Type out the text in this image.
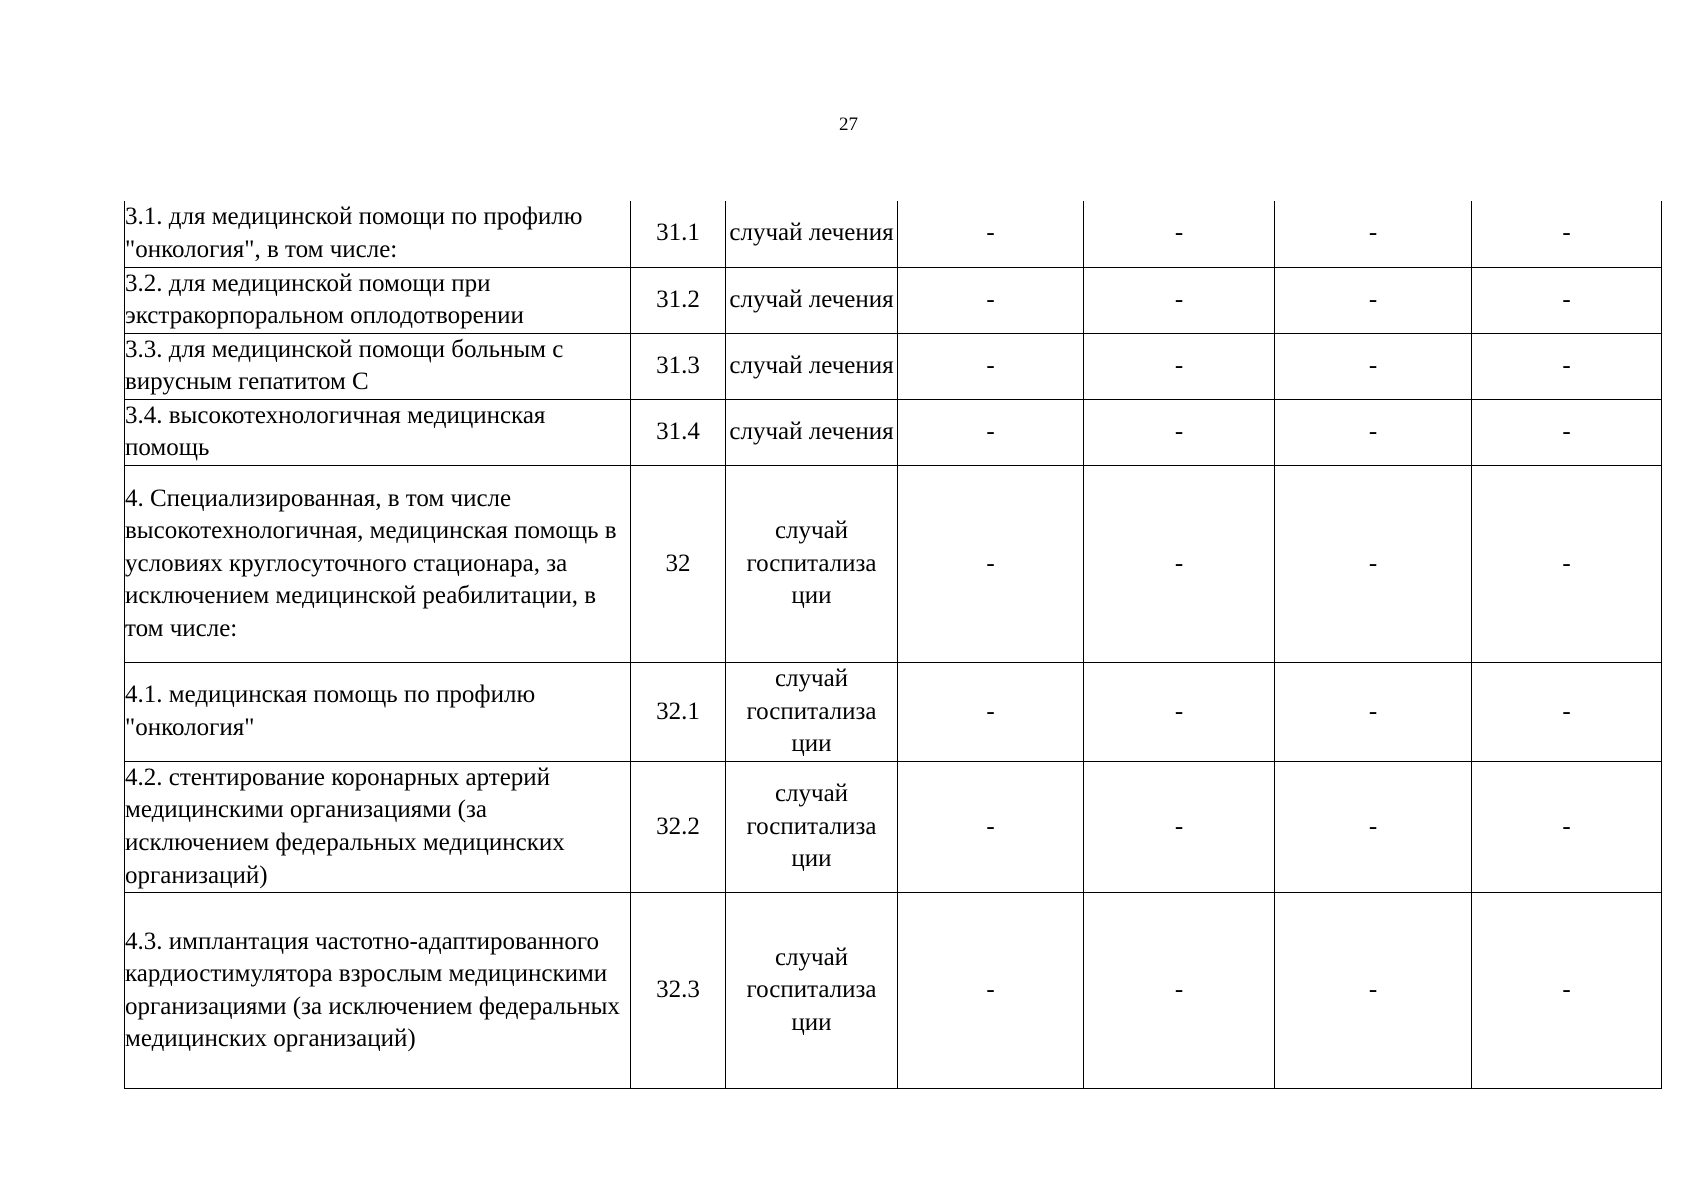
27
3.1. для медицинской помощи по профилю "онкология", в том числе:	31.1	случай лечения	-	-	-	-
3.2. для медицинской помощи при экстракорпоральном оплодотворении	31.2	случай лечения	-	-	-	-
3.3. для медицинской помощи больным с вирусным гепатитом С	31.3	случай лечения	-	-	-	-
3.4. высокотехнологичная медицинская помощь	31.4	случай лечения	-	-	-	-
4. Специализированная, в том числе высокотехнологичная, медицинская помощь в условиях круглосуточного стационара, за исключением медицинской реабилитации, в том числе:	32	случай госпитализа ции	-	-	-	-
4.1. медицинская помощь по профилю "онкология"	32.1	случай госпитализа ции	-	-	-	-
4.2. стентирование коронарных артерий медицинскими организациями (за исключением федеральных медицинских организаций)	32.2	случай госпитализа ции	-	-	-	-
4.3. имплантация частотно-адаптированного кардиостимулятора взрослым медицинскими организациями (за исключением федеральных медицинских организаций)	32.3	случай госпитализа ции	-	-	-	-
